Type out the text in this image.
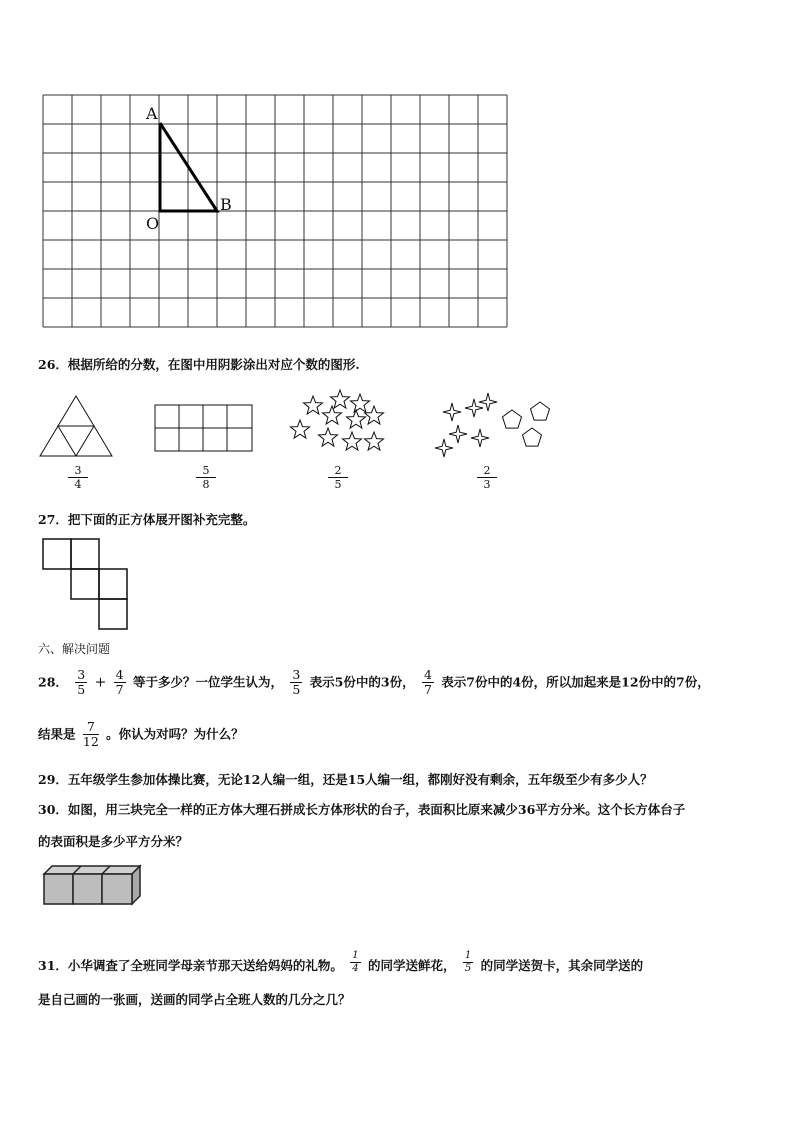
A
B
O
26．根据所给的分数，在图中用阴影涂出对应个数的图形.
$\frac{3}{4}$	$\frac{5}{8}$	$\frac{2}{5}$	$\frac{2}{3}$
27．把下面的正方体展开图补充完整。
六、解决问题
28． $\frac{3}{5} + \frac{4}{7}$ 等于多少？一位学生认为， $\frac{3}{5}$ 表示5份中的3份， $\frac{4}{7}$ 表示7份中的4份，所以加起来是12份中的7份，
结果是 $\frac{7}{12}$ 。你认为对吗？为什么？
29．五年级学生参加体操比赛，无论12人编一组，还是15人编一组，都刚好没有剩余，五年级至少有多少人？
30．如图，用三块完全一样的正方体大理石拼成长方体形状的台子，表面积比原来减少36平方分米。这个长方体台子
的表面积是多少平方分米？
31．小华调查了全班同学母亲节那天送给妈妈的礼物。 $\frac{1}{4}$ 的同学送鲜花， $\frac{1}{5}$ 的同学送贺卡，其余同学送的
是自己画的一张画，送画的同学占全班人数的几分之几？
